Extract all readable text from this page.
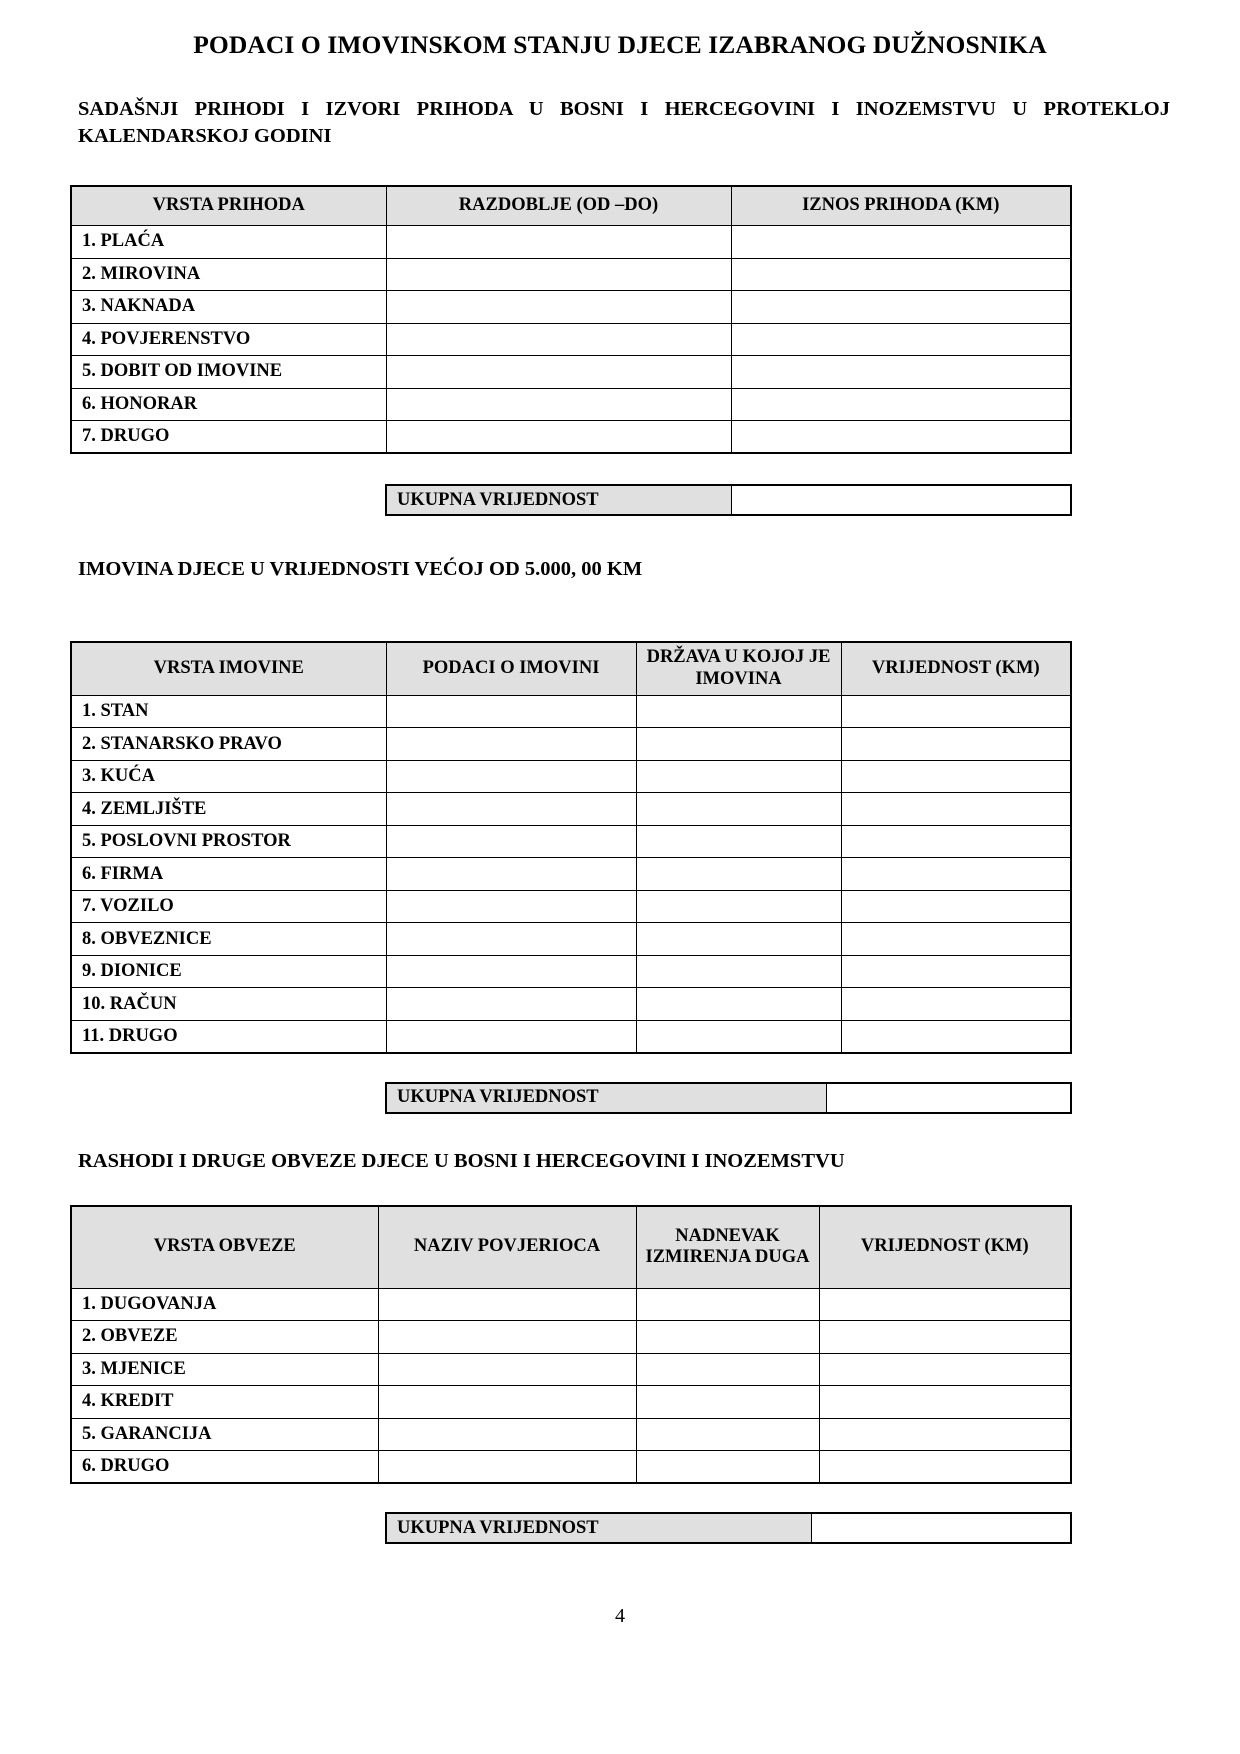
PODACI O IMOVINSKOM STANJU DJECE IZABRANOG DUŽNOSNIKA
SADAŠNJI PRIHODI I IZVORI PRIHODA U BOSNI I HERCEGOVINI I INOZEMSTVU U PROTEKLOJ KALENDARSKOJ GODINI
VRSTA PRIHODA	RAZDOBLJE (OD –DO)	IZNOS PRIHODA (KM)
1. PLAĆA		
2. MIROVINA		
3. NAKNADA		
4. POVJERENSTVO		
5. DOBIT OD IMOVINE		
6. HONORAR		
7. DRUGO		
UKUPNA VRIJEDNOST	
IMOVINA DJECE U VRIJEDNOSTI VEĆOJ OD 5.000, 00 KM
VRSTA IMOVINE	PODACI O IMOVINI	DRŽAVA U KOJOJ JE IMOVINA	VRIJEDNOST (KM)
1. STAN			
2. STANARSKO PRAVO			
3. KUĆA			
4. ZEMLJIŠTE			
5. POSLOVNI PROSTOR			
6. FIRMA			
7. VOZILO			
8. OBVEZNICE			
9. DIONICE			
10. RAČUN			
11. DRUGO			
UKUPNA VRIJEDNOST	
RASHODI I DRUGE OBVEZE DJECE U BOSNI I HERCEGOVINI I INOZEMSTVU
VRSTA OBVEZE	NAZIV POVJERIOCA	NADNEVAK IZMIRENJA DUGA	VRIJEDNOST (KM)
1. DUGOVANJA			
2. OBVEZE			
3. MJENICE			
4. KREDIT			
5. GARANCIJA			
6. DRUGO			
UKUPNA VRIJEDNOST	
4
